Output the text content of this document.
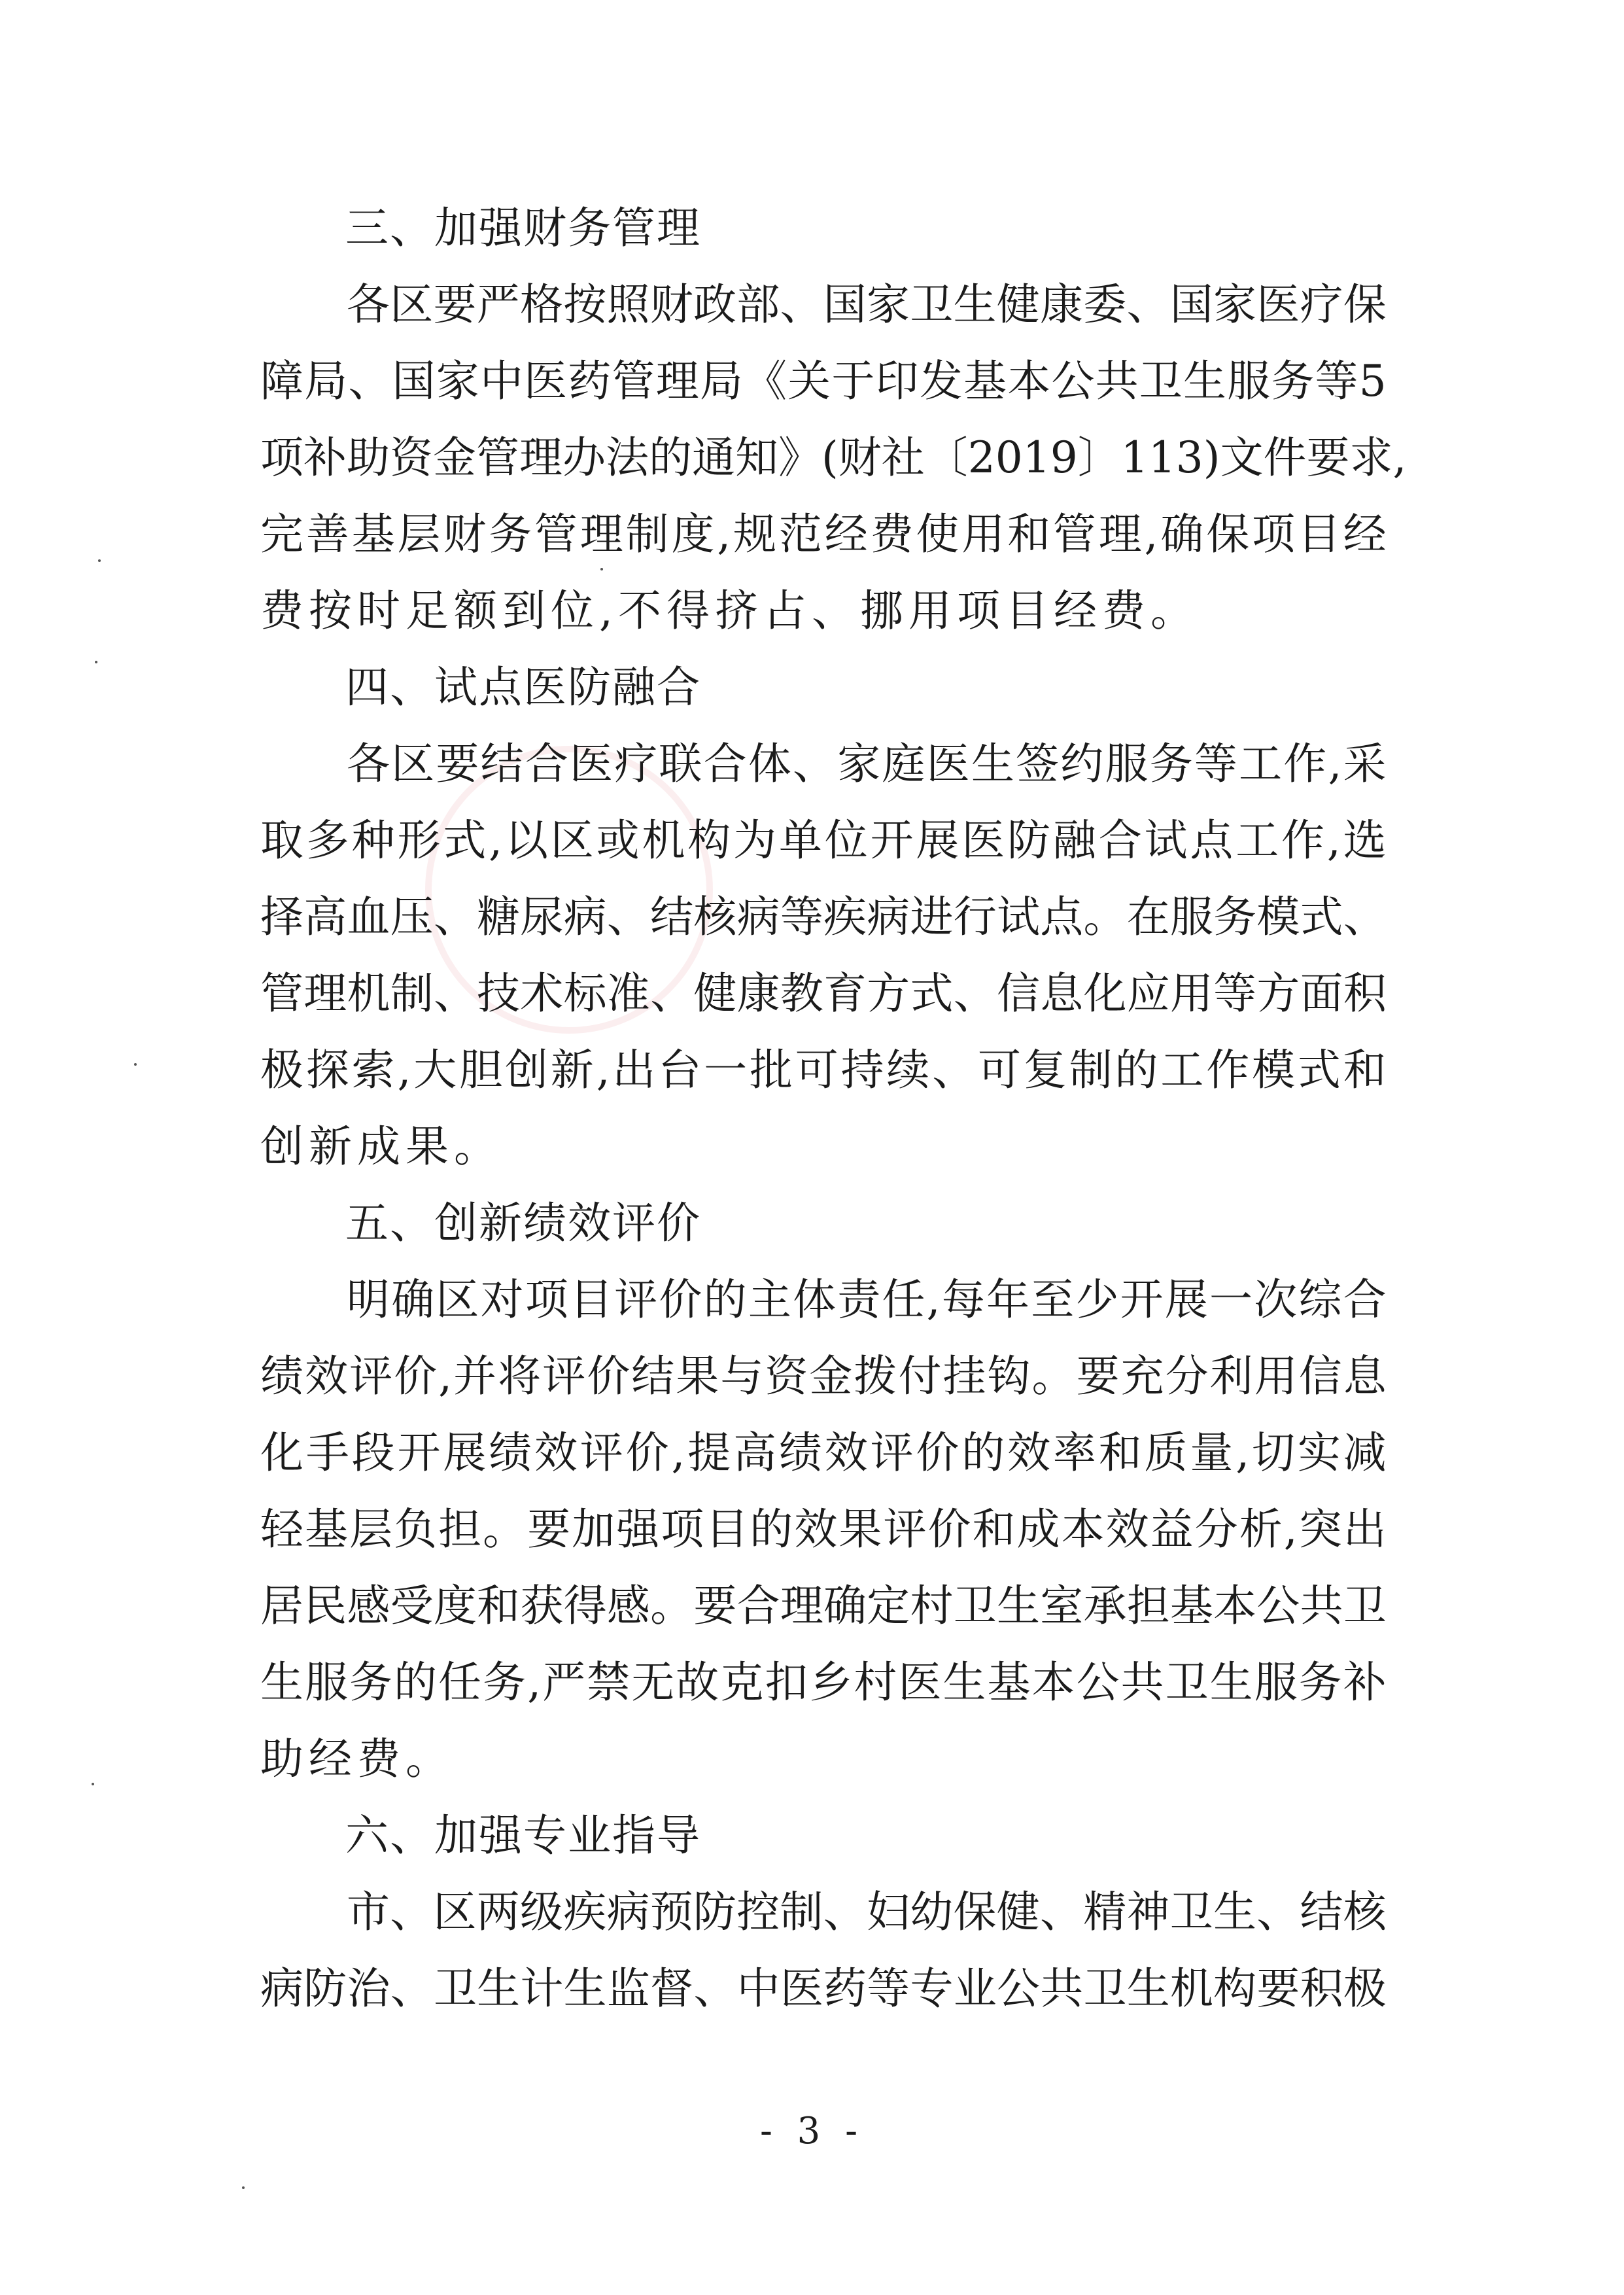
三、加强财务管理
各 区 要 严 格 按 照 财 政 部 、 国 家 卫 生 健 康 委 、 国 家 医 疗 保
障 局 、 国 家 中 医 药 管 理 局 《 关 于 印 发 基 本 公 共 卫 生 服 务 等 5
项 补 助 资 金 管 理 办 法 的 通 知 》 ( 财 社 〔 2019 〕 113 ) 文 件 要 求 ,
完 善 基 层 财 务 管 理 制 度 , 规 范 经 费 使 用 和 管 理 , 确 保 项 目 经
费按时足额到位,不得挤占、挪用项目经费。
四、试点医防融合
各 区 要 结 合 医 疗 联 合 体 、 家 庭 医 生 签 约 服 务 等 工 作 , 采
取 多 种 形 式 , 以 区 或 机 构 为 单 位 开 展 医 防 融 合 试 点 工 作 , 选
择 高 血 压 、 糖 尿 病 、 结 核 病 等 疾 病 进 行 试 点 。 在 服 务 模 式 、
管 理 机 制 、 技 术 标 准 、 健 康 教 育 方 式 、 信 息 化 应 用 等 方 面 积
极 探 索 , 大 胆 创 新 , 出 台 一 批 可 持 续 、 可 复 制 的 工 作 模 式 和
创新成果。
五、创新绩效评价
明 确 区 对 项 目 评 价 的 主 体 责 任 , 每 年 至 少 开 展 一 次 综 合
绩 效 评 价 , 并 将 评 价 结 果 与 资 金 拨 付 挂 钩 。 要 充 分 利 用 信 息
化 手 段 开 展 绩 效 评 价 , 提 高 绩 效 评 价 的 效 率 和 质 量 , 切 实 减
轻 基 层 负 担 。 要 加 强 项 目 的 效 果 评 价 和 成 本 效 益 分 析 , 突 出
居 民 感 受 度 和 获 得 感 。 要 合 理 确 定 村 卫 生 室 承 担 基 本 公 共 卫
生 服 务 的 任 务 , 严 禁 无 故 克 扣 乡 村 医 生 基 本 公 共 卫 生 服 务 补
助经费。
六、加强专业指导
市 、 区 两 级 疾 病 预 防 控 制 、 妇 幼 保 健 、 精 神 卫 生 、 结 核
病 防 治 、 卫 生 计 生 监 督 、 中 医 药 等 专 业 公 共 卫 生 机 构 要 积 极
- 3 -
